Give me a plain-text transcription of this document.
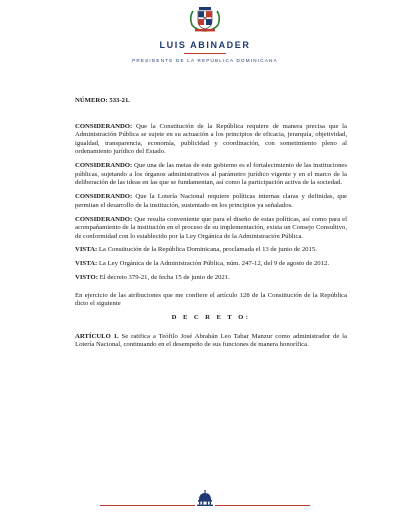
LUIS ABINADER
PRESIDENTE DE LA REPÚBLICA DOMINICANA

NÚMERO: 533-21.

CONSIDERANDO: Que la Constitución de la República requiere de manera precisa que la Administración Pública se sujete en su actuación a los principios de eficacia, jerarquía, objetividad, igualdad, transparencia, economía, publicidad y coordinación, con sometimiento pleno al ordenamiento jurídico del Estado.

CONSIDERANDO: Que una de las metas de este gobierno es el fortalecimiento de las instituciones públicas, sujetando a los órganos administrativos al parámetro jurídico vigente y en el marco de la deliberación de las ideas en las que se fundamentan, así como la participación activa de la sociedad.

CONSIDERANDO: Que la Lotería Nacional requiere políticas internas claras y definidas, que permitan el desarrollo de la institución, sustentado en los principios ya señalados.

CONSIDERANDO: Que resulta conveniente que para el diseño de estas políticas, así como para el acompañamiento de la institución en el proceso de su implementación, exista un Consejo Consultivo, de conformidad con lo establecido por la Ley Orgánica de la Administración Pública.

VISTA: La Constitución de la República Dominicana, proclamada el 13 de junio de 2015.

VISTA: La Ley Orgánica de la Administración Pública, núm. 247-12, del 9 de agosto de 2012.

VISTO: El decreto 379-21, de fecha 15 de junio de 2021.

En ejercicio de las atribuciones que me confiere el artículo 128 de la Constitución de la República dicto el siguiente

D E C R E T O:

ARTÍCULO 1. Se ratifica a Teófilo José Abrahán Leo Tabar Manzur como administrador de la Lotería Nacional, continuando en el desempeño de sus funciones de manera honorífica.
